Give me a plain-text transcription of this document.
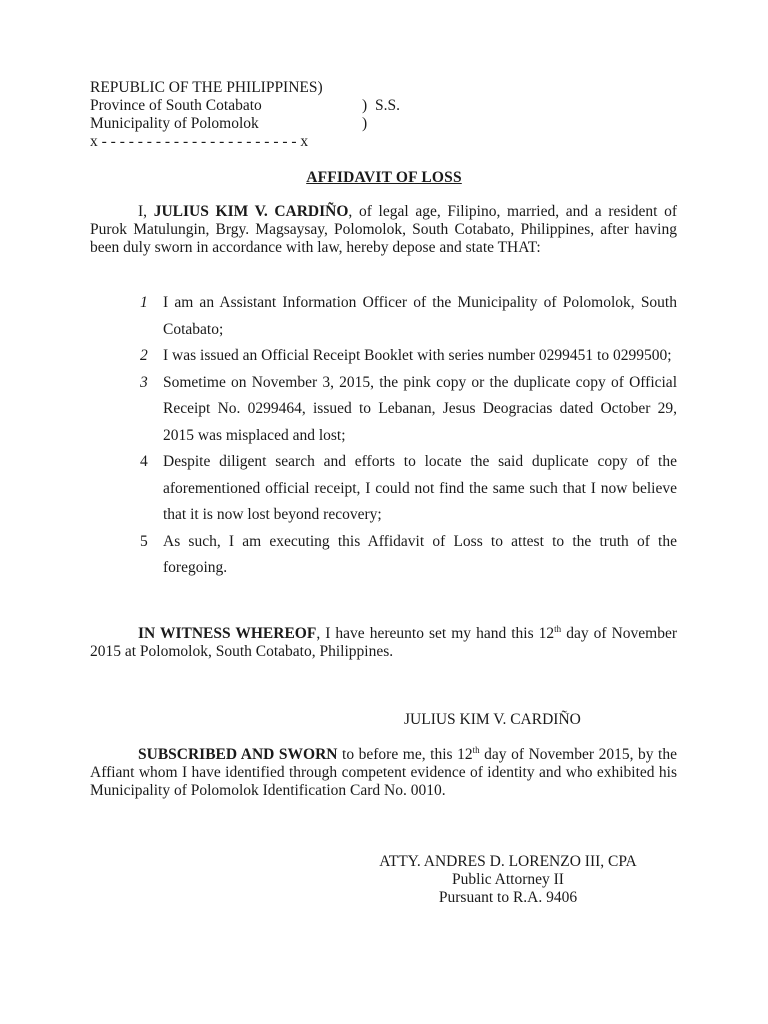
REPUBLIC OF THE PHILIPPINES)
Province of South Cotabato	) S.S.
Municipality of Polomolok	)
x - - - - - - - - - - - - - - - - - - - - - - x
AFFIDAVIT OF LOSS
I, JULIUS KIM V. CARDIÑO, of legal age, Filipino, married, and a resident of Purok Matulungin, Brgy. Magsaysay, Polomolok, South Cotabato, Philippines, after having been duly sworn in accordance with law, hereby depose and state THAT:
1 I am an Assistant Information Officer of the Municipality of Polomolok, South Cotabato;
2 I was issued an Official Receipt Booklet with series number 0299451 to 0299500;
3 Sometime on November 3, 2015, the pink copy or the duplicate copy of Official Receipt No. 0299464, issued to Lebanan, Jesus Deogracias dated October 29, 2015 was misplaced and lost;
4 Despite diligent search and efforts to locate the said duplicate copy of the aforementioned official receipt, I could not find the same such that I now believe that it is now lost beyond recovery;
5 As such, I am executing this Affidavit of Loss to attest to the truth of the foregoing.
IN WITNESS WHEREOF, I have hereunto set my hand this 12th day of November 2015 at Polomolok, South Cotabato, Philippines.
JULIUS KIM V. CARDIÑO
SUBSCRIBED AND SWORN to before me, this 12th day of November 2015, by the Affiant whom I have identified through competent evidence of identity and who exhibited his Municipality of Polomolok Identification Card No. 0010.
ATTY. ANDRES D. LORENZO III, CPA
Public Attorney II
Pursuant to R.A. 9406
